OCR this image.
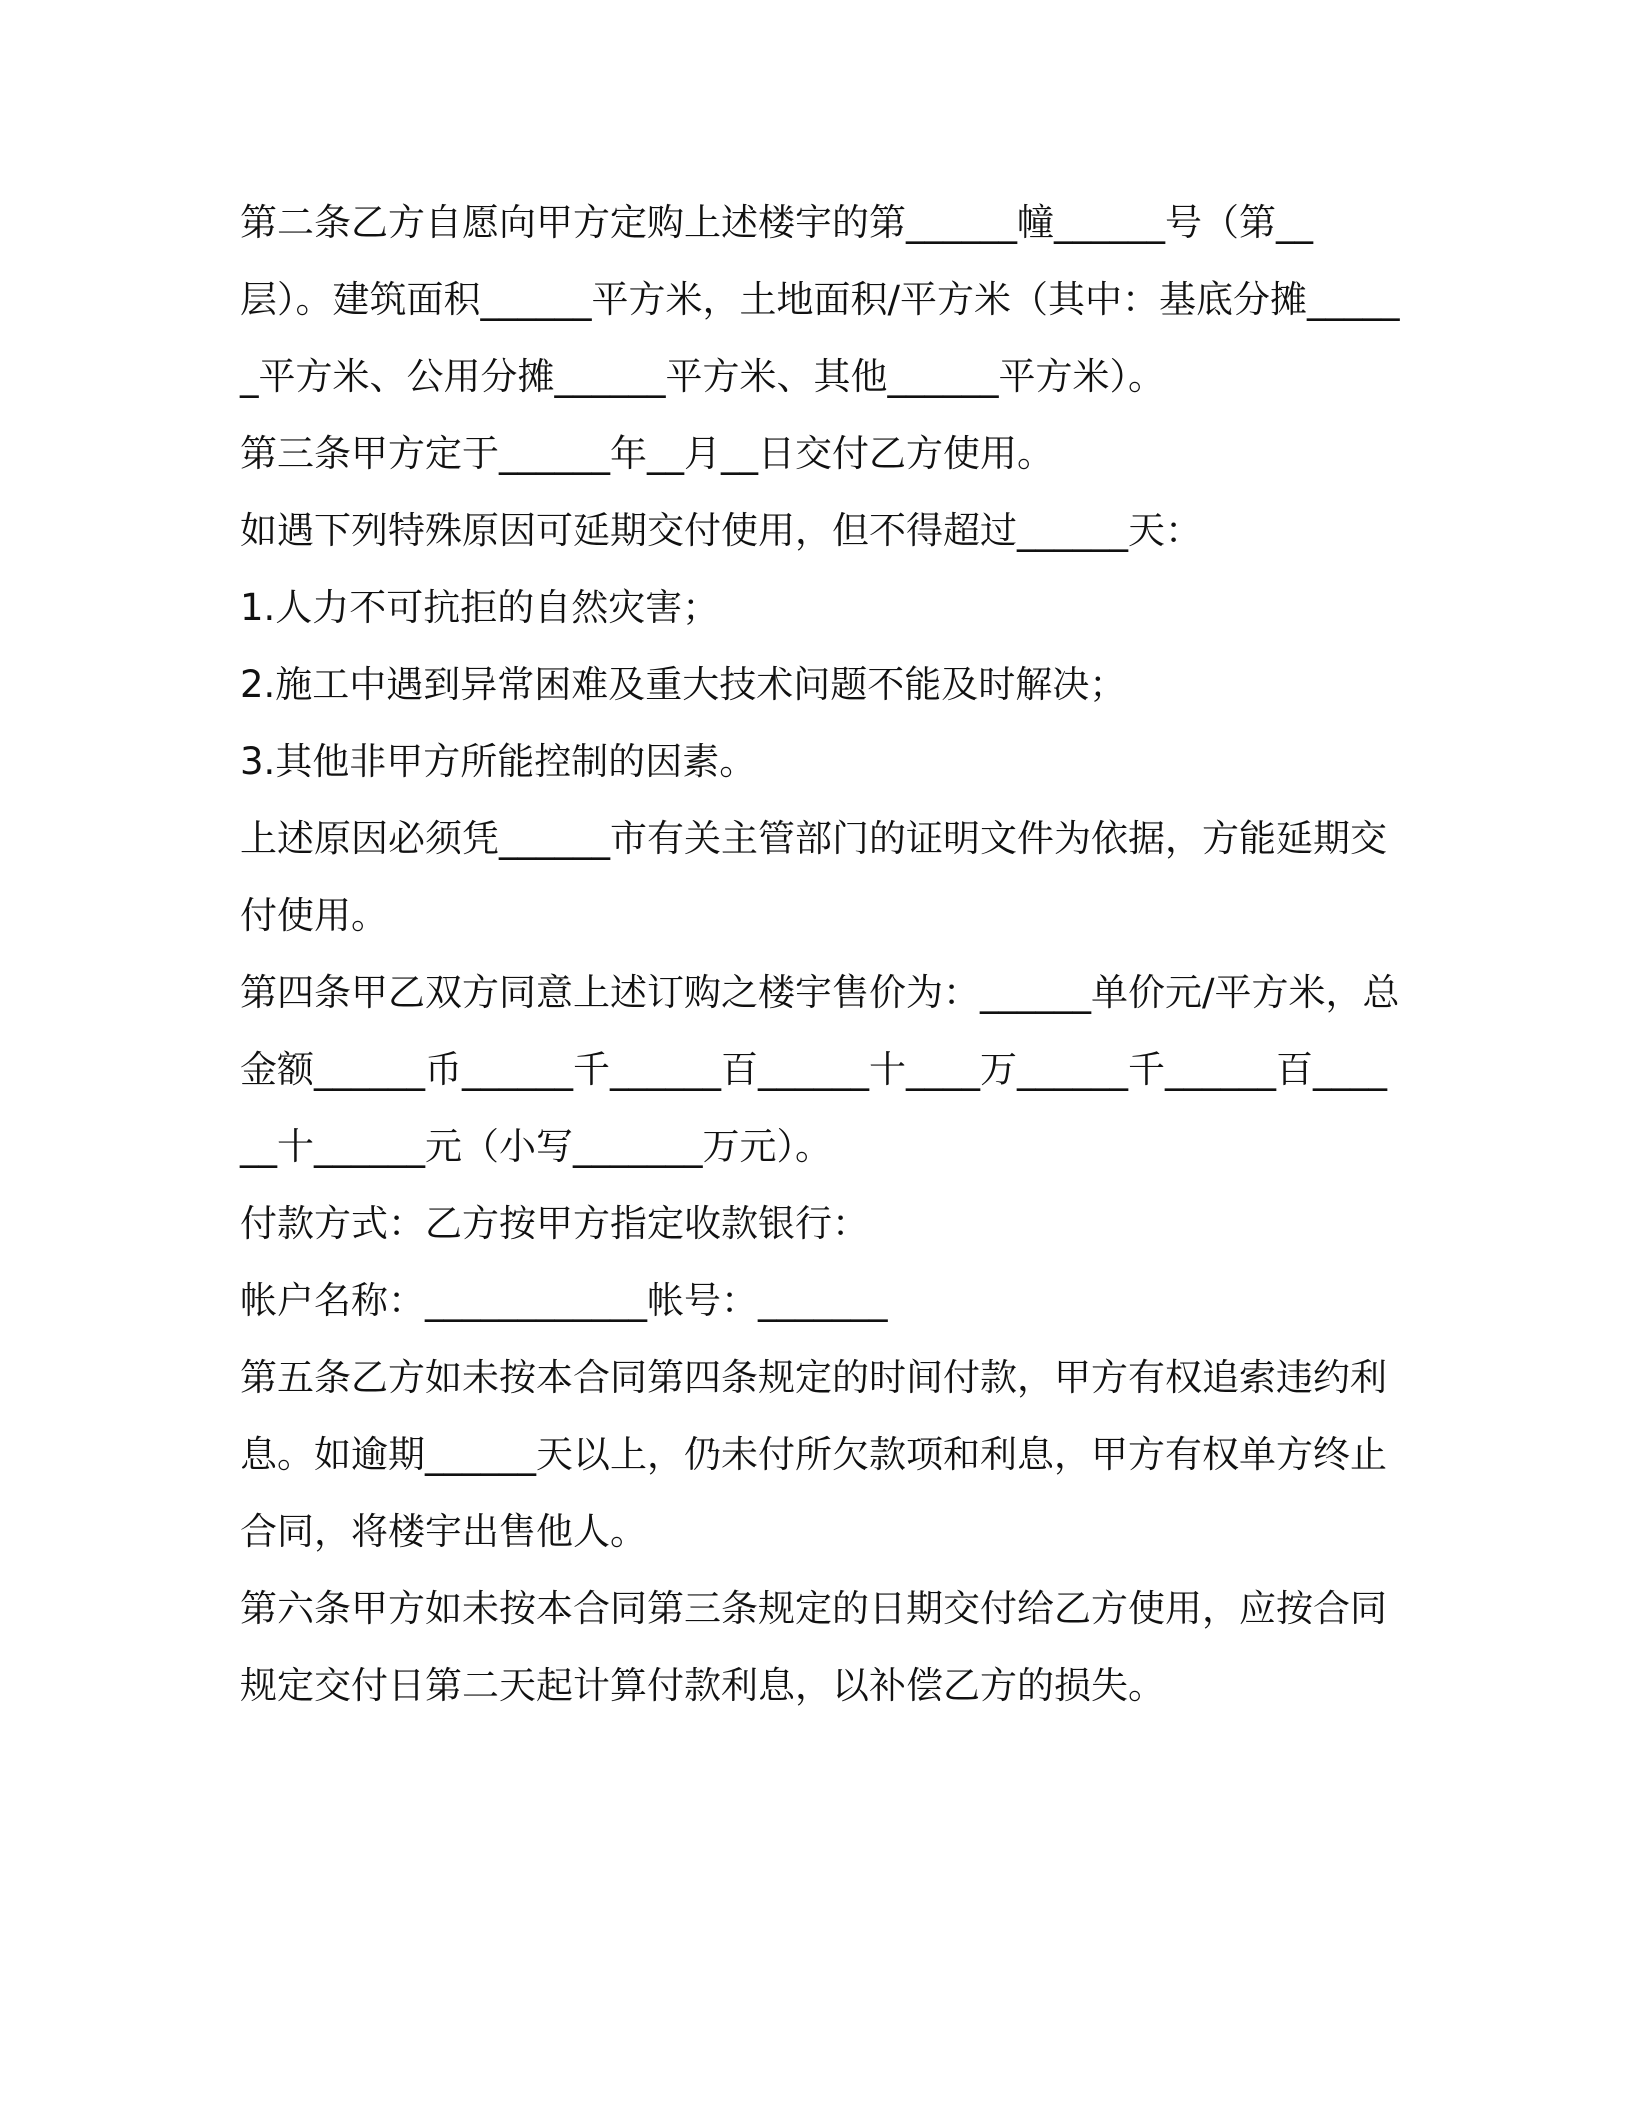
第二条乙方自愿向甲方定购上述楼宇的第______幢______号（第__层）。建筑面积______平方米，土地面积/平方米（其中：基底分摊______平方米、公用分摊______平方米、其他______平方米）。

第三条甲方定于______年__月__日交付乙方使用。

如遇下列特殊原因可延期交付使用，但不得超过______天：

1.人力不可抗拒的自然灾害；

2.施工中遇到异常困难及重大技术问题不能及时解决；

3.其他非甲方所能控制的因素。

上述原因必须凭______市有关主管部门的证明文件为依据，方能延期交付使用。

第四条甲乙双方同意上述订购之楼宇售价为：______单价元/平方米，总金额______币______千______百______十____万______千______百______十______元（小写_______万元）。

付款方式：乙方按甲方指定收款银行：

帐户名称：____________帐号：_______

第五条乙方如未按本合同第四条规定的时间付款，甲方有权追索违约利息。如逾期______天以上，仍未付所欠款项和利息，甲方有权单方终止合同，将楼宇出售他人。

第六条甲方如未按本合同第三条规定的日期交付给乙方使用，应按合同规定交付日第二天起计算付款利息，以补偿乙方的损失。
